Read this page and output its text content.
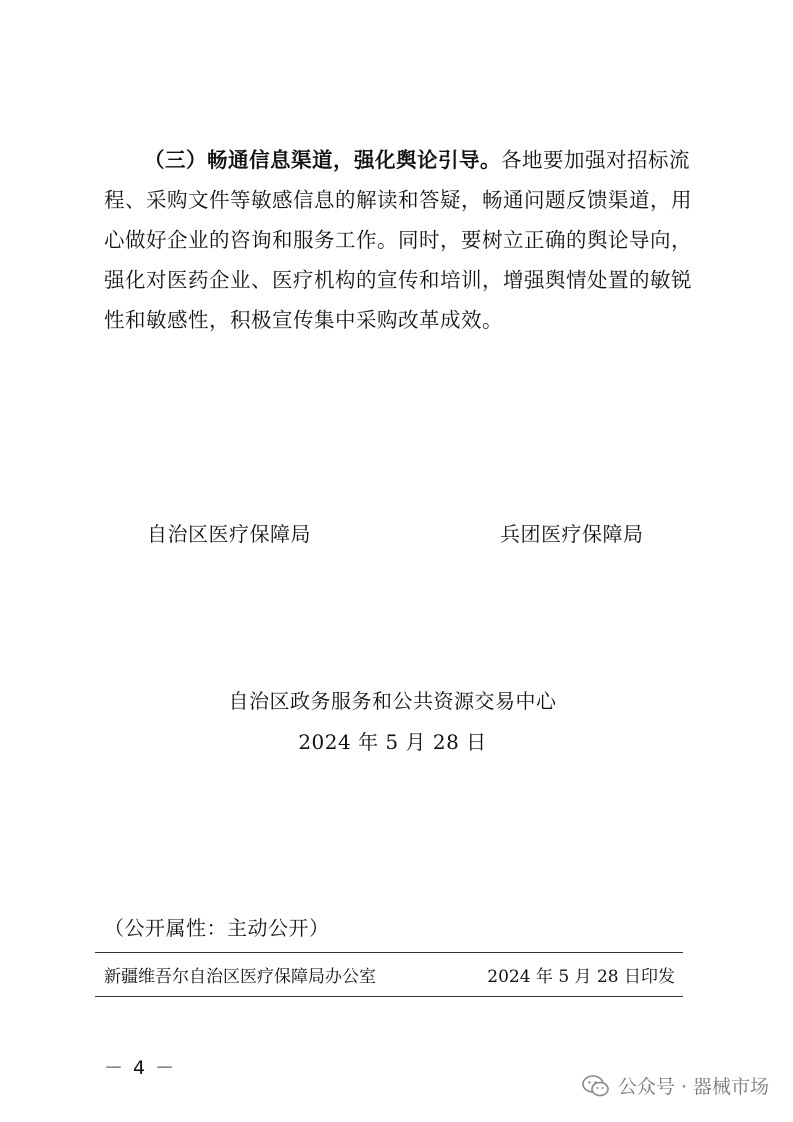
（三）畅通信息渠道，强化舆论引导。各地要加强对招标流程、采购文件等敏感信息的解读和答疑，畅通问题反馈渠道，用心做好企业的咨询和服务工作。同时，要树立正确的舆论导向，强化对医药企业、医疗机构的宣传和培训，增强舆情处置的敏锐性和敏感性，积极宣传集中采购改革成效。
自治区医疗保障局	兵团医疗保障局
自治区政务服务和公共资源交易中心
2024 年 5 月 28 日
（公开属性：主动公开）
新疆维吾尔自治区医疗保障局办公室	2024 年 5 月 28 日印发
－ 4 －
公众号 · 器械市场
